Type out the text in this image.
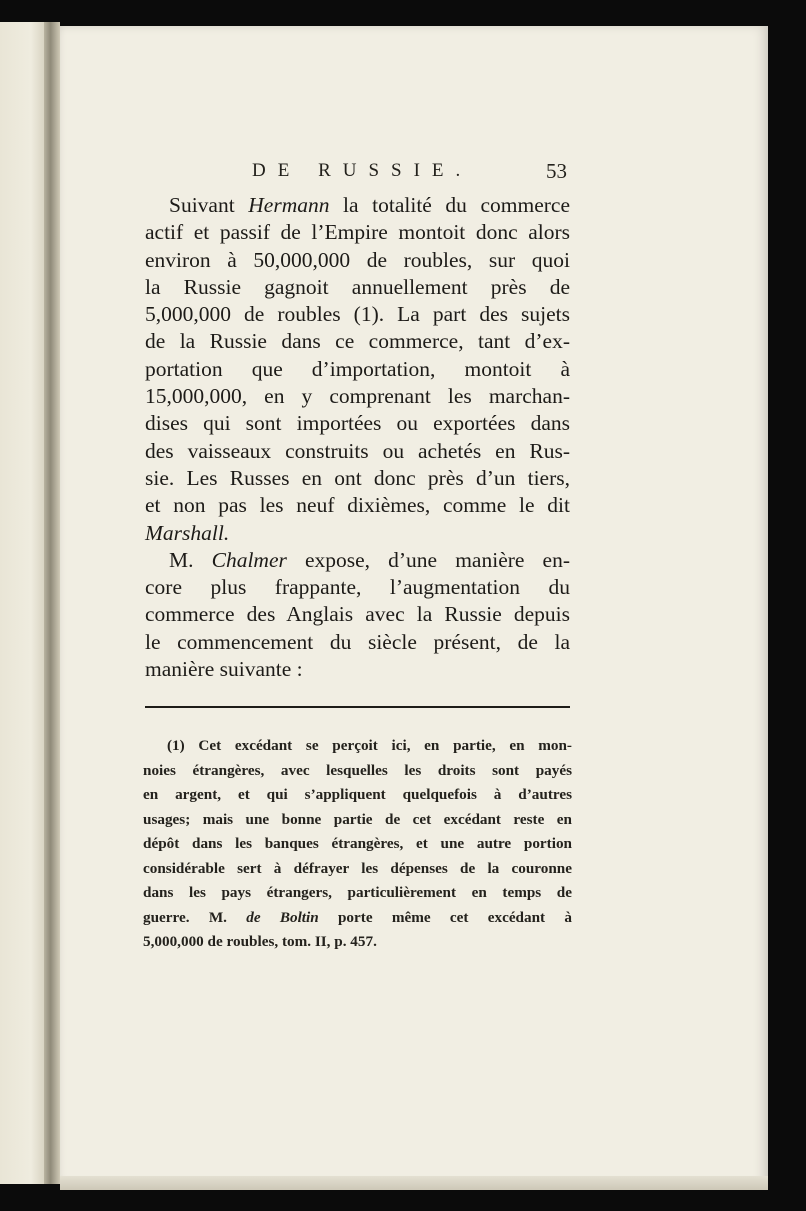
DE RUSSIE.	53
Suivant Hermann la totalité du commerce
actif et passif de l’Empire montoit donc alors
environ à 50,000,000 de roubles, sur quoi
la Russie gagnoit annuellement près de
5,000,000 de roubles (1). La part des sujets
de la Russie dans ce commerce, tant d’ex-
portation que d’importation, montoit à
15,000,000, en y comprenant les marchan-
dises qui sont importées ou exportées dans
des vaisseaux construits ou achetés en Rus-
sie. Les Russes en ont donc près d’un tiers,
et non pas les neuf dixièmes, comme le dit
Marshall.
M. Chalmer expose, d’une manière en-
core plus frappante, l’augmentation du
commerce des Anglais avec la Russie depuis
le commencement du siècle présent, de la
manière suivante :
(1) Cet excédant se perçoit ici, en partie, en mon-
noies étrangères, avec lesquelles les droits sont payés
en argent, et qui s’appliquent quelquefois à d’autres
usages; mais une bonne partie de cet excédant reste en
dépôt dans les banques étrangères, et une autre portion
considérable sert à défrayer les dépenses de la couronne
dans les pays étrangers, particulièrement en temps de
guerre. M. de Boltin porte même cet excédant à
5,000,000 de roubles, tom. II, p. 457.
